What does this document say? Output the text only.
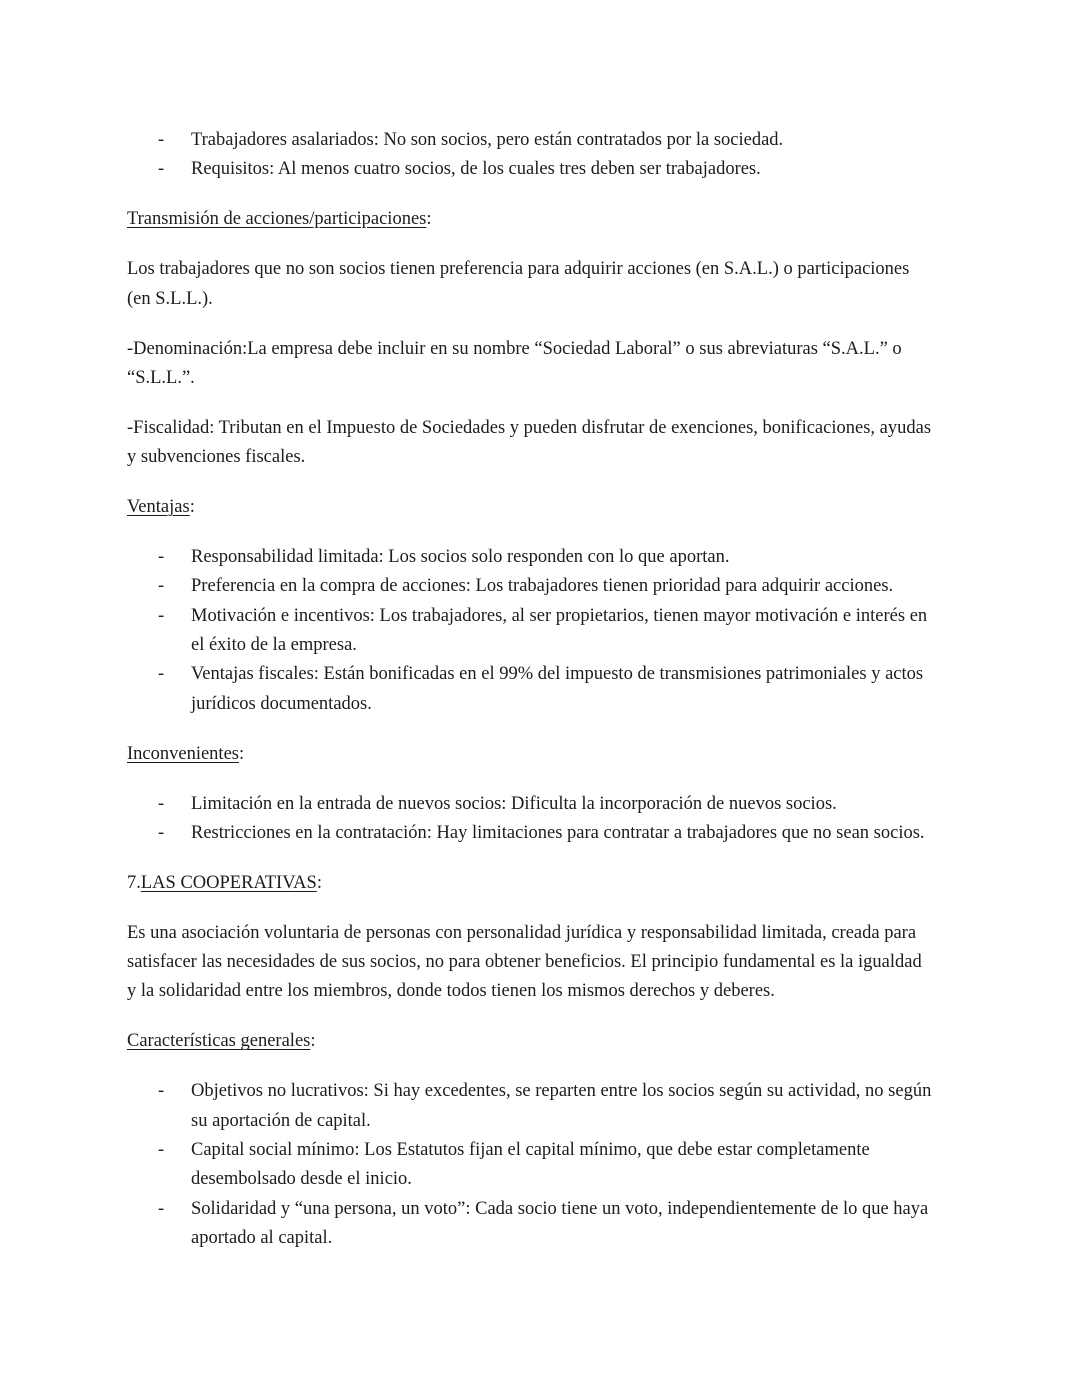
- Trabajadores asalariados: No son socios, pero están contratados por la sociedad.
- Requisitos: Al menos cuatro socios, de los cuales tres deben ser trabajadores.

Transmisión de acciones/participaciones:

Los trabajadores que no son socios tienen preferencia para adquirir acciones (en S.A.L.) o participaciones (en S.L.L.).

-Denominación:La empresa debe incluir en su nombre “Sociedad Laboral” o sus abreviaturas “S.A.L.” o “S.L.L.”.

-Fiscalidad: Tributan en el Impuesto de Sociedades y pueden disfrutar de exenciones, bonificaciones, ayudas y subvenciones fiscales.

Ventajas:

- Responsabilidad limitada: Los socios solo responden con lo que aportan.
- Preferencia en la compra de acciones: Los trabajadores tienen prioridad para adquirir acciones.
- Motivación e incentivos: Los trabajadores, al ser propietarios, tienen mayor motivación e interés en el éxito de la empresa.
- Ventajas fiscales: Están bonificadas en el 99% del impuesto de transmisiones patrimoniales y actos jurídicos documentados.

Inconvenientes:

- Limitación en la entrada de nuevos socios: Dificulta la incorporación de nuevos socios.
- Restricciones en la contratación: Hay limitaciones para contratar a trabajadores que no sean socios.

7.LAS COOPERATIVAS:

Es una asociación voluntaria de personas con personalidad jurídica y responsabilidad limitada, creada para satisfacer las necesidades de sus socios, no para obtener beneficios. El principio fundamental es la igualdad y la solidaridad entre los miembros, donde todos tienen los mismos derechos y deberes.

Características generales:

- Objetivos no lucrativos: Si hay excedentes, se reparten entre los socios según su actividad, no según su aportación de capital.
- Capital social mínimo: Los Estatutos fijan el capital mínimo, que debe estar completamente desembolsado desde el inicio.
- Solidaridad y “una persona, un voto”: Cada socio tiene un voto, independientemente de lo que haya aportado al capital.
